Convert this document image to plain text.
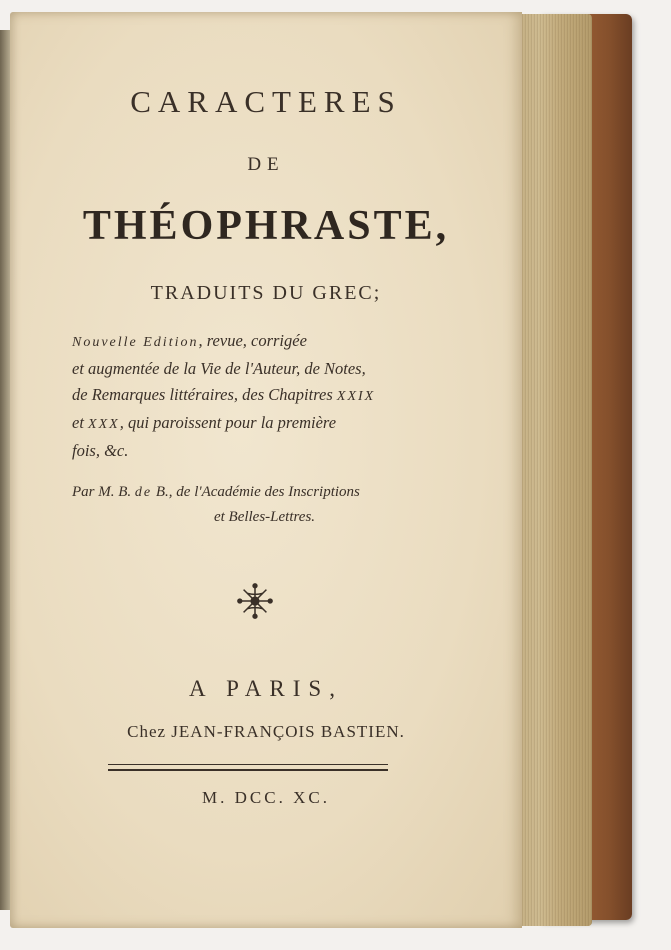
CARACTERES
DE
THÉOPHRASTE,
TRADUITS DU GREC;
Nouvelle Edition, revue, corrigée
et augmentée de la Vie de l'Auteur, de Notes,
de Remarques littéraires, des Chapitres XXIX
et XXX, qui paroissent pour la première
fois, &c.
Par M. B. de B., de l'Académie des Inscriptions
et Belles-Lettres.
A PARIS,
Chez JEAN-FRANÇOIS BASTIEN.
M. DCC. XC.
